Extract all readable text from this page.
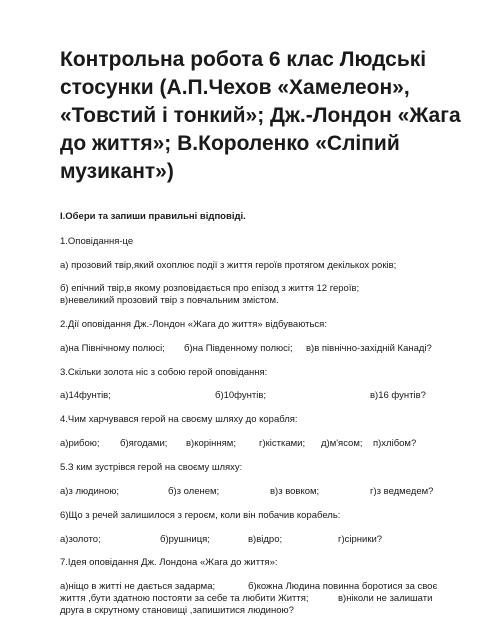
Контрольна робота 6 клас Людські
стосунки (А.П.Чехов «Хамелеон»,
«Товстий і тонкий»; Дж.-Лондон «Жага
до життя»; В.Короленко «Сліпий
музикант»)

І.Обери та запиши правильні відповіді.

1.Оповідання-це

а) прозовий твір,який охоплює події з життя героїв протягом декількох років;

б) епічний твір,в якому розповідається про епізод з життя 12 героїв;

в)невеликий прозовий твір з повчальним змістом.

2.Дії оповідання Дж.-Лондон «Жага до життя» відбуваються:

а)на Північному полюсі; б)на Південному полюсі; в)в північно-західній Канаді?

3.Скільки золота ніс з собою герой оповідання:

а)14фунтів;	б)10фунтів;	в)16 фунтів?

4.Чим харчувався герой на своєму шляху до корабля:

а)рибою; б)ягодами; в)корінням; г)кістками; д)м'ясом; п)хлібом?

5.З ким зустрівся герой на своєму шляху:

а)з людиною;	б)з оленем;	в)з вовком;	г)з ведмедем?

6)Що з речей залишилося з героєм, коли він побачив корабель:

а)золото;	б)рушниця;	в)відро;	г)сірники?

7.Ідея оповідання Дж. Лондона «Жага до життя»:

а)ніщо в житті не дається задарма;	б)кожна Людина повинна боротися за своє
життя ,бути здатною постояти за себе та любити Життя;	в)ніколи не залишати
друга в скрутному становищі ,запишитися людиною?
